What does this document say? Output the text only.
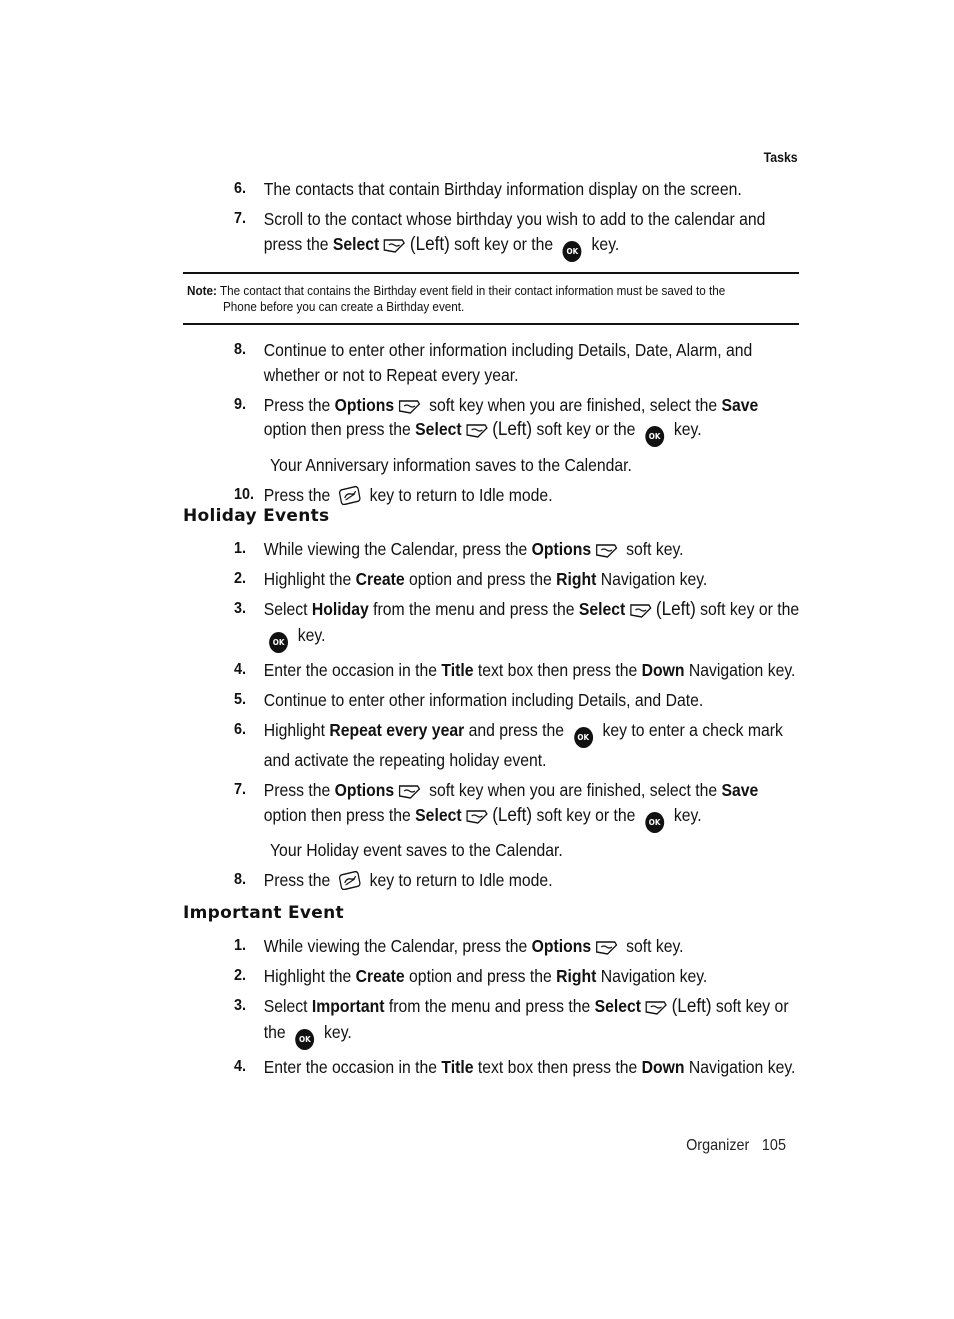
Tasks
6. The contacts that contain Birthday information display on the screen.
7. Scroll to the contact whose birthday you wish to add to the calendar and press the Select (Left) soft key or the OK key.
Note: The contact that contains the Birthday event field in their contact information must be saved to the
Phone before you can create a Birthday event.
8. Continue to enter other information including Details, Date, Alarm, and whether or not to Repeat every year.
9. Press the Options soft key when you are finished, select the Save option then press the Select (Left) soft key or the OK key.
Your Anniversary information saves to the Calendar.
10. Press the  key to return to Idle mode.
Holiday Events
1. While viewing the Calendar, press the Options soft key.
2. Highlight the Create option and press the Right Navigation key.
3. Select Holiday from the menu and press the Select (Left) soft key or the OK key.
4. Enter the occasion in the Title text box then press the Down Navigation key.
5. Continue to enter other information including Details, and Date.
6. Highlight Repeat every year and press the OK key to enter a check mark and activate the repeating holiday event.
7. Press the Options soft key when you are finished, select the Save option then press the Select (Left) soft key or the OK key.
Your Holiday event saves to the Calendar.
8. Press the  key to return to Idle mode.
Important Event
1. While viewing the Calendar, press the Options soft key.
2. Highlight the Create option and press the Right Navigation key.
3. Select Important from the menu and press the Select (Left) soft key or the OK key.
4. Enter the occasion in the Title text box then press the Down Navigation key.
Organizer 105
